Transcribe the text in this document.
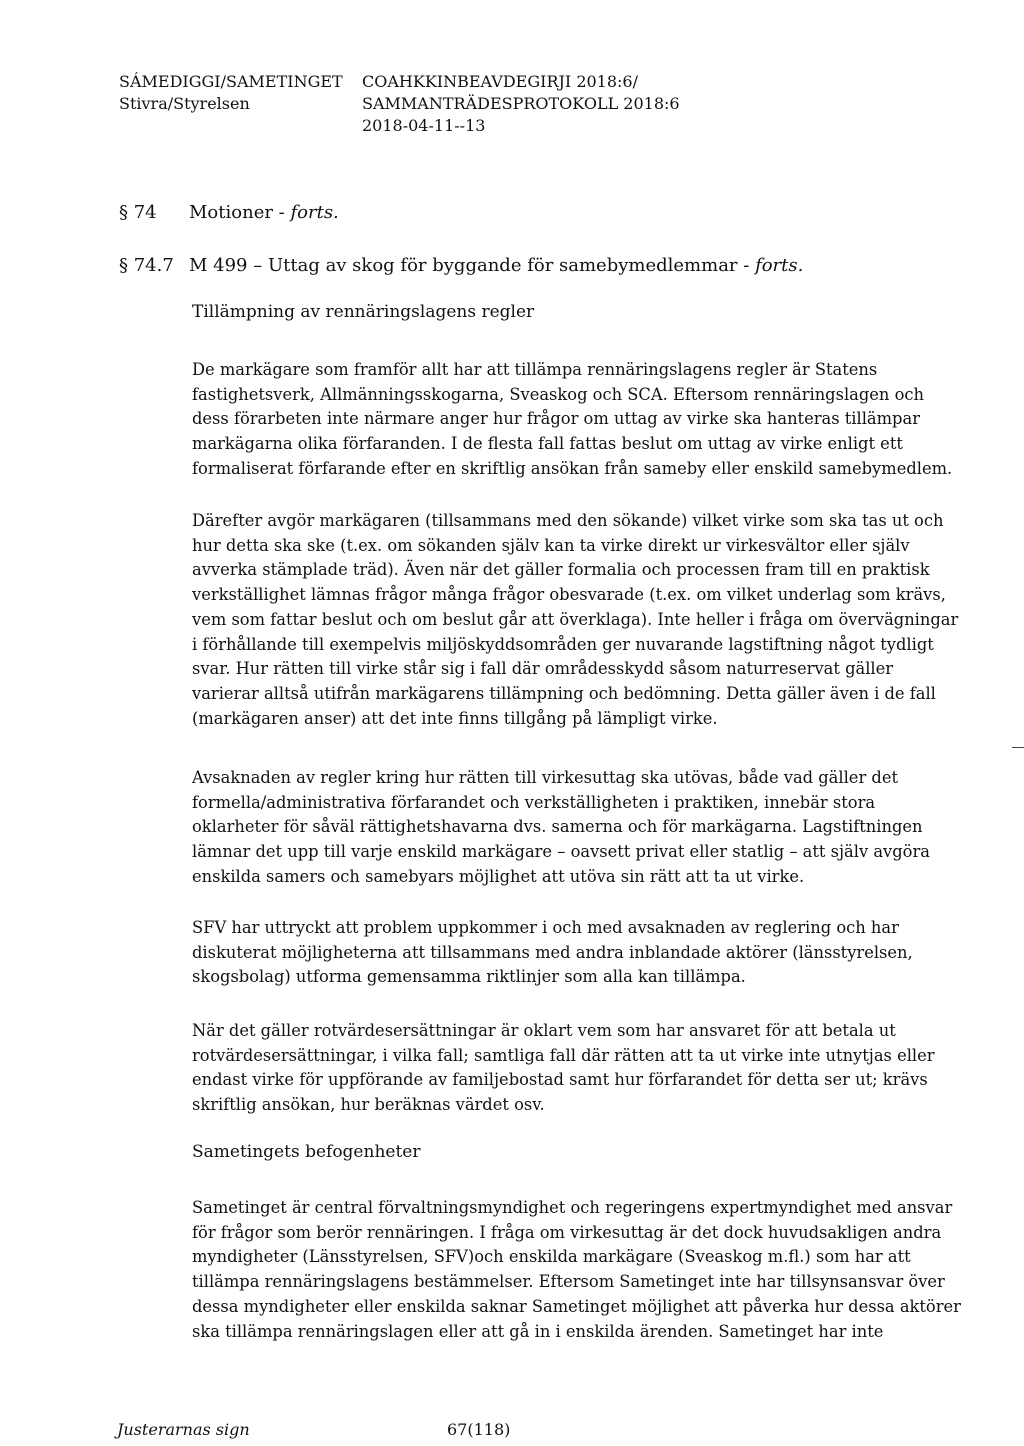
SÁMEDIGGI/SAMETINGET
Stivra/Styrelsen
COAHKKINBEAVDEGIRJI 2018:6/
SAMMANTRÄDESPROTOKOLL 2018:6
2018-04-11--13
§ 74 Motioner - forts.
§ 74.7 M 499 – Uttag av skog för byggande för samebymedlemmar - forts.
Tillämpning av rennäringslagens regler

De markägare som framför allt har att tillämpa rennäringslagens regler är Statens fastighetsverk, Allmänningsskogarna, Sveaskog och SCA. Eftersom rennäringslagen och dess förarbeten inte närmare anger hur frågor om uttag av virke ska hanteras tillämpar markägarna olika förfaranden. I de flesta fall fattas beslut om uttag av virke enligt ett formaliserat förfarande efter en skriftlig ansökan från sameby eller enskild samebymedlem.

Därefter avgör markägaren (tillsammans med den sökande) vilket virke som ska tas ut och hur detta ska ske (t.ex. om sökanden själv kan ta virke direkt ur virkesvältor eller själv avverka stämplade träd). Även när det gäller formalia och processen fram till en praktisk verkställighet lämnas frågor många frågor obesvarade (t.ex. om vilket underlag som krävs, vem som fattar beslut och om beslut går att överklaga). Inte heller i fråga om övervägningar i förhållande till exempelvis miljöskyddsområden ger nuvarande lagstiftning något tydligt svar. Hur rätten till virke står sig i fall där områdesskydd såsom naturreservat gäller varierar alltså utifrån markägarens tillämpning och bedömning. Detta gäller även i de fall (markägaren anser) att det inte finns tillgång på lämpligt virke.

Avsaknaden av regler kring hur rätten till virkesuttag ska utövas, både vad gäller det formella/administrativa förfarandet och verkställigheten i praktiken, innebär stora oklarheter för såväl rättighetshavarna dvs. samerna och för markägarna. Lagstiftningen lämnar det upp till varje enskild markägare – oavsett privat eller statlig – att själv avgöra enskilda samers och samebyars möjlighet att utöva sin rätt att ta ut virke.

SFV har uttryckt att problem uppkommer i och med avsaknaden av reglering och har diskuterat möjligheterna att tillsammans med andra inblandade aktörer (länsstyrelsen, skogsbolag) utforma gemensamma riktlinjer som alla kan tillämpa.

När det gäller rotvärdesersättningar är oklart vem som har ansvaret för att betala ut rotvärdesersättningar, i vilka fall; samtliga fall där rätten att ta ut virke inte utnytjas eller endast virke för uppförande av familjebostad samt hur förfarandet för detta ser ut; krävs skriftlig ansökan, hur beräknas värdet osv.

Sametingets befogenheter

Sametinget är central förvaltningsmyndighet och regeringens expertmyndighet med ansvar för frågor som berör rennäringen. I fråga om virkesuttag är det dock huvudsakligen andra myndigheter (Länsstyrelsen, SFV)och enskilda markägare (Sveaskog m.fl.) som har att tillämpa rennäringslagens bestämmelser. Eftersom Sametinget inte har tillsynsansvar över dessa myndigheter eller enskilda saknar Sametinget möjlighet att påverka hur dessa aktörer ska tillämpa rennäringslagen eller att gå in i enskilda ärenden. Sametinget har inte

Justerarnas sign	67(118)
